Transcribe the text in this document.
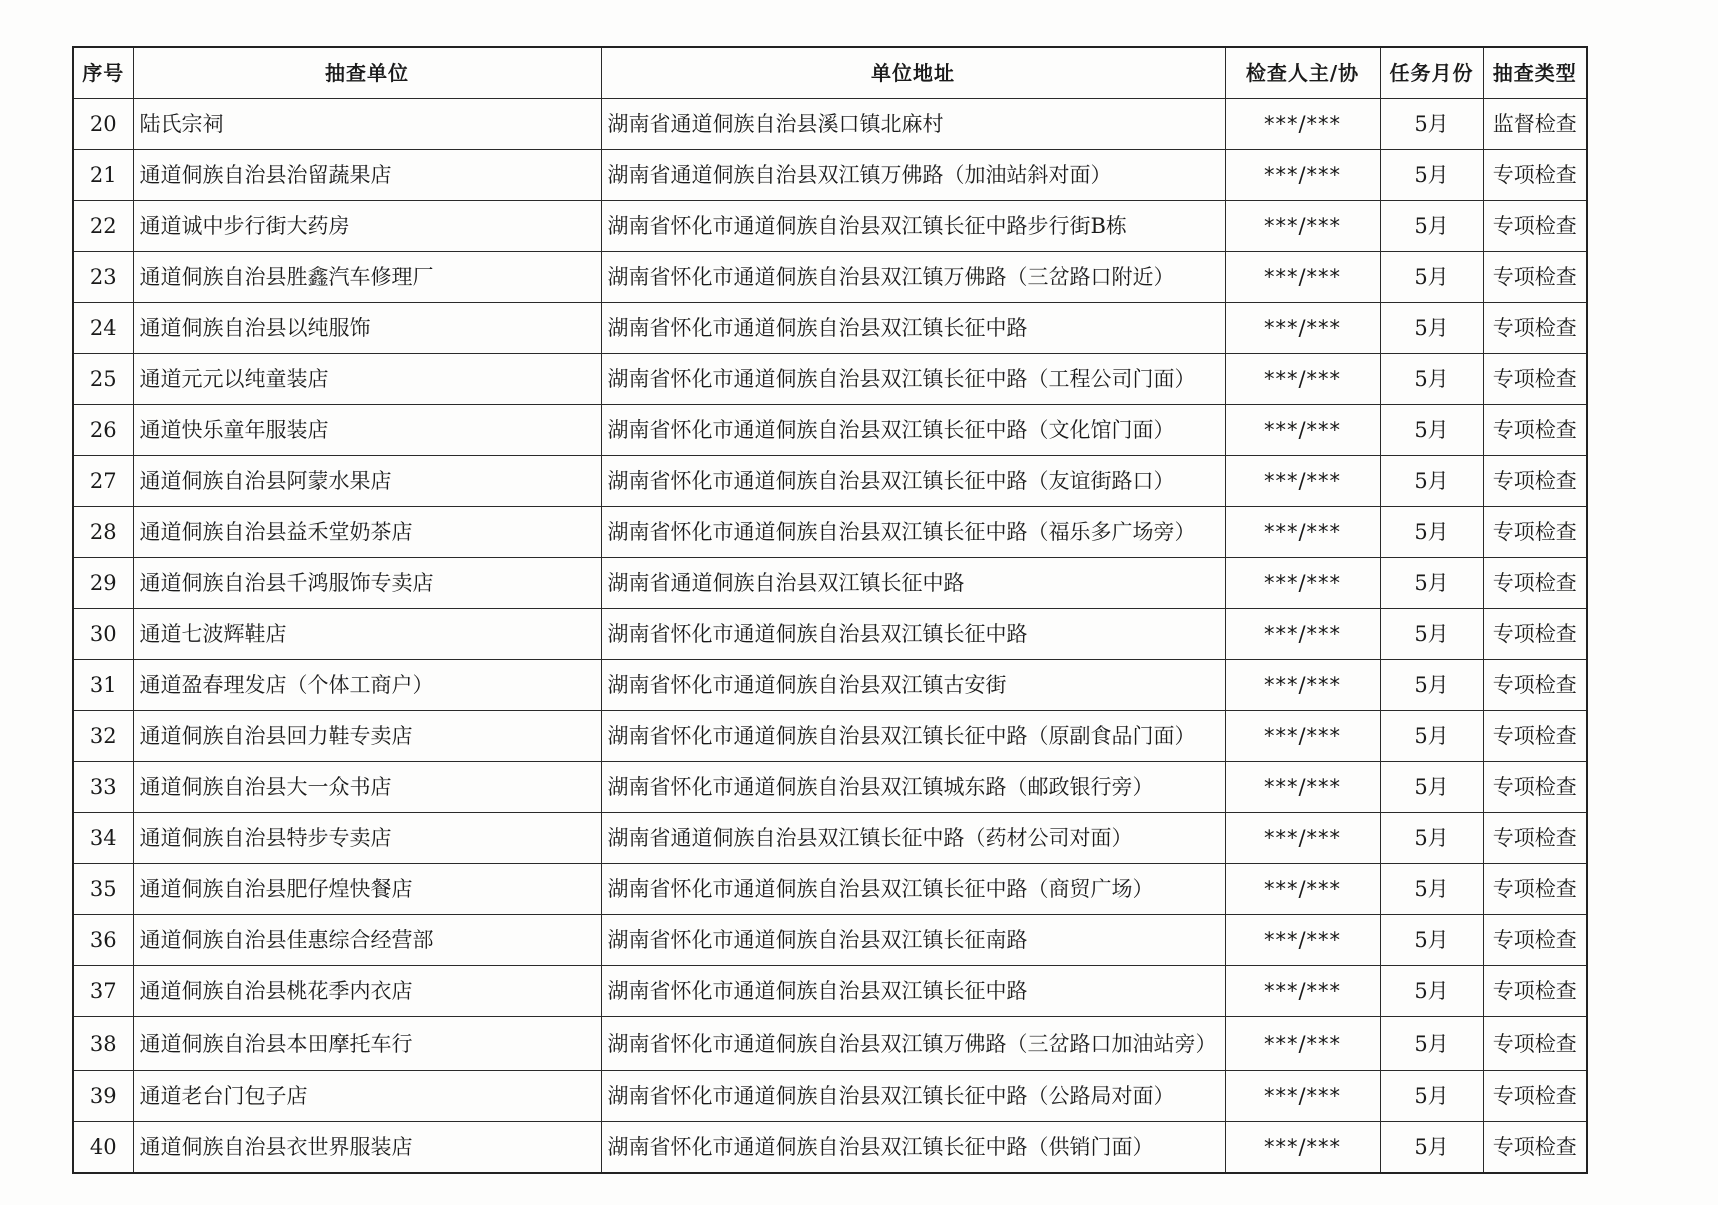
序号	抽查单位	单位地址	检查人主/协	任务月份	抽查类型
20	陆氏宗祠	湖南省通道侗族自治县溪口镇北麻村	***/***	5月	监督检查
21	通道侗族自治县治留蔬果店	湖南省通道侗族自治县双江镇万佛路（加油站斜对面）	***/***	5月	专项检查
22	通道诚中步行街大药房	湖南省怀化市通道侗族自治县双江镇长征中路步行街B栋	***/***	5月	专项检查
23	通道侗族自治县胜鑫汽车修理厂	湖南省怀化市通道侗族自治县双江镇万佛路（三岔路口附近）	***/***	5月	专项检查
24	通道侗族自治县以纯服饰	湖南省怀化市通道侗族自治县双江镇长征中路	***/***	5月	专项检查
25	通道元元以纯童装店	湖南省怀化市通道侗族自治县双江镇长征中路（工程公司门面）	***/***	5月	专项检查
26	通道快乐童年服装店	湖南省怀化市通道侗族自治县双江镇长征中路（文化馆门面）	***/***	5月	专项检查
27	通道侗族自治县阿蒙水果店	湖南省怀化市通道侗族自治县双江镇长征中路（友谊街路口）	***/***	5月	专项检查
28	通道侗族自治县益禾堂奶茶店	湖南省怀化市通道侗族自治县双江镇长征中路（福乐多广场旁）	***/***	5月	专项检查
29	通道侗族自治县千鸿服饰专卖店	湖南省通道侗族自治县双江镇长征中路	***/***	5月	专项检查
30	通道七波辉鞋店	湖南省怀化市通道侗族自治县双江镇长征中路	***/***	5月	专项检查
31	通道盈春理发店（个体工商户）	湖南省怀化市通道侗族自治县双江镇古安街	***/***	5月	专项检查
32	通道侗族自治县回力鞋专卖店	湖南省怀化市通道侗族自治县双江镇长征中路（原副食品门面）	***/***	5月	专项检查
33	通道侗族自治县大一众书店	湖南省怀化市通道侗族自治县双江镇城东路（邮政银行旁）	***/***	5月	专项检查
34	通道侗族自治县特步专卖店	湖南省通道侗族自治县双江镇长征中路（药材公司对面）	***/***	5月	专项检查
35	通道侗族自治县肥仔煌快餐店	湖南省怀化市通道侗族自治县双江镇长征中路（商贸广场）	***/***	5月	专项检查
36	通道侗族自治县佳惠综合经营部	湖南省怀化市通道侗族自治县双江镇长征南路	***/***	5月	专项检查
37	通道侗族自治县桃花季内衣店	湖南省怀化市通道侗族自治县双江镇长征中路	***/***	5月	专项检查
38	通道侗族自治县本田摩托车行	湖南省怀化市通道侗族自治县双江镇万佛路（三岔路口加油站旁）	***/***	5月	专项检查
39	通道老台门包子店	湖南省怀化市通道侗族自治县双江镇长征中路（公路局对面）	***/***	5月	专项检查
40	通道侗族自治县衣世界服装店	湖南省怀化市通道侗族自治县双江镇长征中路（供销门面）	***/***	5月	专项检查
